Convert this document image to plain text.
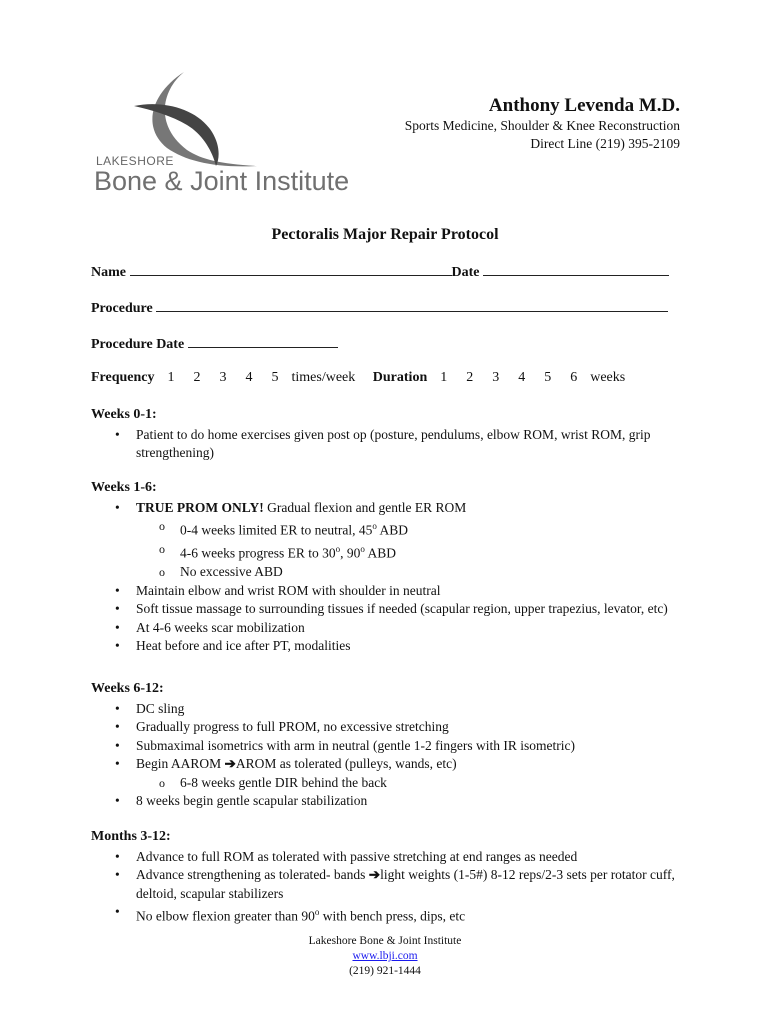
LAKESHORE
Bone & Joint Institute
Anthony Levenda M.D.
Sports Medicine, Shoulder & Knee Reconstruction
Direct Line (219) 395-2109
Pectoralis Major Repair Protocol
Name	Date
Procedure
Procedure Date
Frequency 1 2 3 4 5 times/week Duration 1 2 3 4 5 6 weeks
Weeks 0-1:
• Patient to do home exercises given post op (posture, pendulums, elbow ROM, wrist ROM, grip strengthening)
Weeks 1-6:
• TRUE PROM ONLY! Gradual flexion and gentle ER ROM
o 0-4 weeks limited ER to neutral, 45$^o$ ABD
o 4-6 weeks progress ER to 30$^o$, 90$^o$ ABD
o No excessive ABD
• Maintain elbow and wrist ROM with shoulder in neutral
• Soft tissue massage to surrounding tissues if needed (scapular region, upper trapezius, levator, etc)
• At 4-6 weeks scar mobilization
• Heat before and ice after PT, modalities
Weeks 6-12:
• DC sling
• Gradually progress to full PROM, no excessive stretching
• Submaximal isometrics with arm in neutral (gentle 1-2 fingers with IR isometric)
• Begin AAROM ➔AROM as tolerated (pulleys, wands, etc)
o 6-8 weeks gentle DIR behind the back
• 8 weeks begin gentle scapular stabilization
Months 3-12:
• Advance to full ROM as tolerated with passive stretching at end ranges as needed
• Advance strengthening as tolerated- bands ➔light weights (1-5#) 8-12 reps/2-3 sets per rotator cuff, deltoid, scapular stabilizers
• No elbow flexion greater than 90$^o$ with bench press, dips, etc
Lakeshore Bone & Joint Institute
www.lbji.com
(219) 921-1444
